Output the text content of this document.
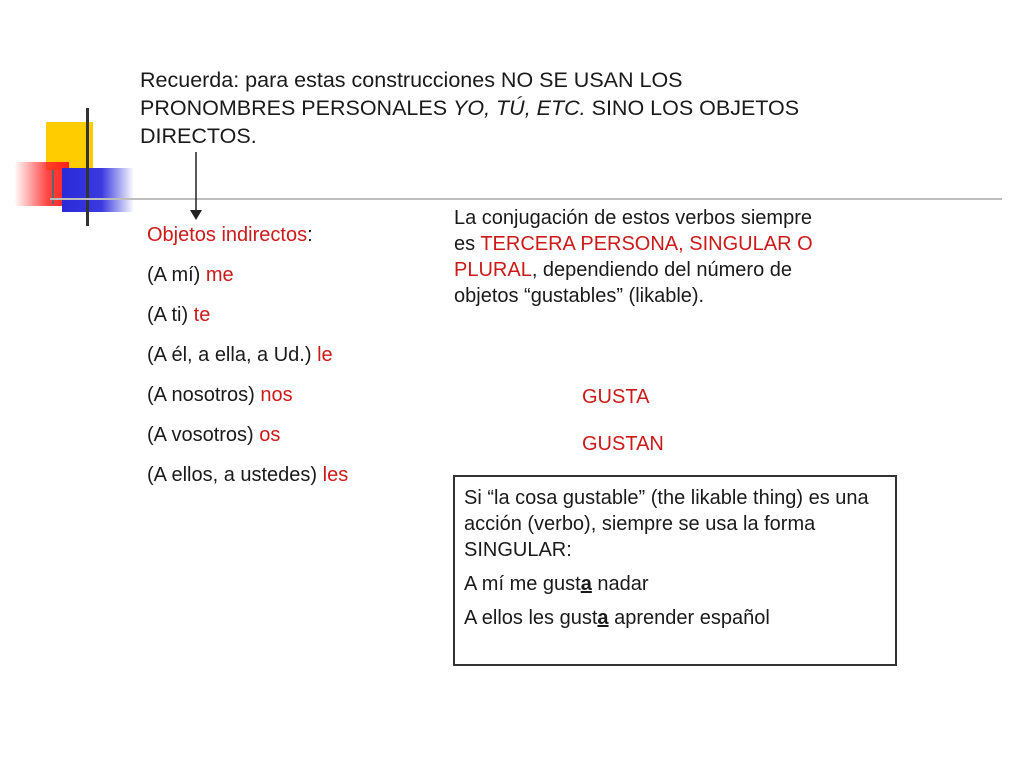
Recuerda: para estas construcciones NO SE USAN LOS PRONOMBRES PERSONALES YO, TÚ, ETC. SINO LOS OBJETOS DIRECTOS.

Objetos indirectos:

(A mí) me

(A ti) te

(A él, a ella, a Ud.) le

(A nosotros) nos

(A vosotros) os

(A ellos, a ustedes) les

La conjugación de estos verbos siempre es TERCERA PERSONA, SINGULAR O PLURAL, dependiendo del número de objetos “gustables” (likable).
GUSTA
GUSTAN

Si “la cosa gustable” (the likable thing) es una acción (verbo), siempre se usa la forma SINGULAR:

A mí me gusta nadar

A ellos les gusta aprender español
